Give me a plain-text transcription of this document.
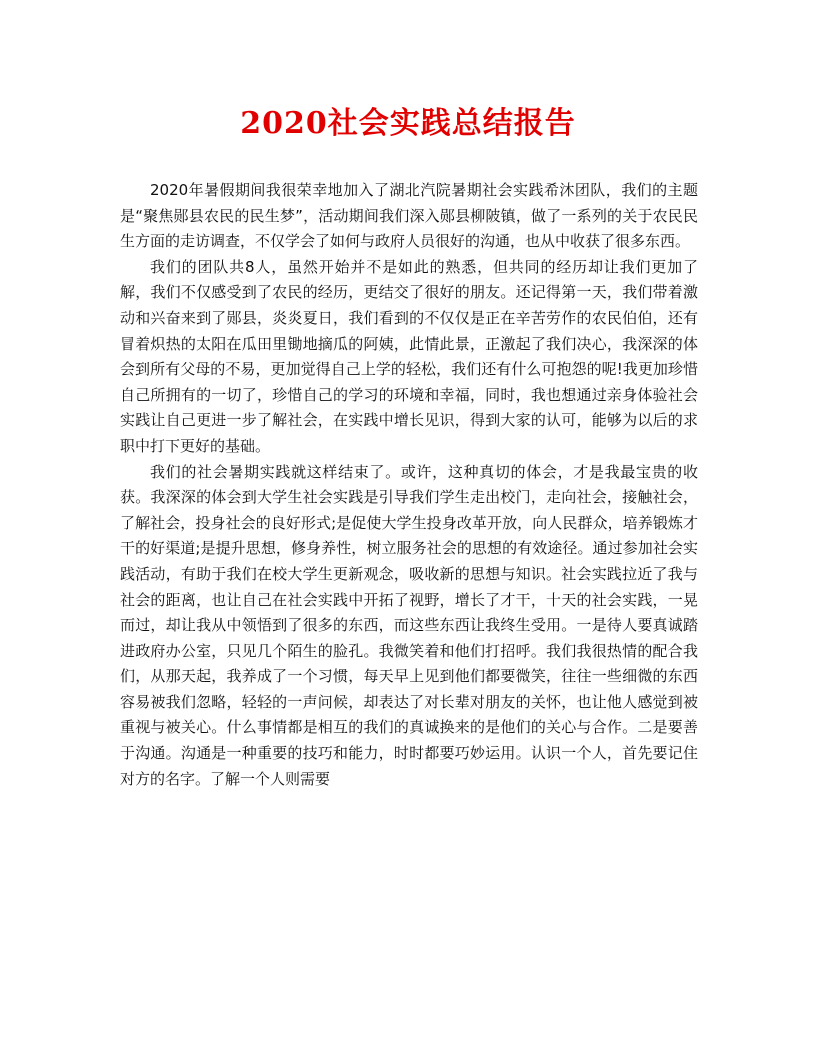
2020社会实践总结报告

2020年暑假期间我很荣幸地加入了湖北汽院暑期社会实践希沐团队，我们的主题是“聚焦郧县农民的民生梦”，活动期间我们深入郧县柳陂镇，做了一系列的关于农民民生方面的走访调查，不仅学会了如何与政府人员很好的沟通，也从中收获了很多东西。

我们的团队共8人，虽然开始并不是如此的熟悉，但共同的经历却让我们更加了解，我们不仅感受到了农民的经历，更结交了很好的朋友。还记得第一天，我们带着激动和兴奋来到了郧县，炎炎夏日，我们看到的不仅仅是正在辛苦劳作的农民伯伯，还有冒着炽热的太阳在瓜田里锄地摘瓜的阿姨，此情此景，正激起了我们决心，我深深的体会到所有父母的不易，更加觉得自己上学的轻松，我们还有什么可抱怨的呢!我更加珍惜自己所拥有的一切了，珍惜自己的学习的环境和幸福，同时，我也想通过亲身体验社会实践让自己更进一步了解社会，在实践中增长见识，得到大家的认可，能够为以后的求职中打下更好的基础。

我们的社会暑期实践就这样结束了。或许，这种真切的体会，才是我最宝贵的收获。我深深的体会到大学生社会实践是引导我们学生走出校门，走向社会，接触社会，了解社会，投身社会的良好形式;是促使大学生投身改革开放，向人民群众，培养锻炼才干的好渠道;是提升思想，修身养性，树立服务社会的思想的有效途径。通过参加社会实践活动，有助于我们在校大学生更新观念，吸收新的思想与知识。社会实践拉近了我与社会的距离，也让自己在社会实践中开拓了视野，增长了才干，十天的社会实践，一晃而过，却让我从中领悟到了很多的东西，而这些东西让我终生受用。一是待人要真诚踏进政府办公室，只见几个陌生的脸孔。我微笑着和他们打招呼。我们我很热情的配合我们，从那天起，我养成了一个习惯，每天早上见到他们都要微笑，往往一些细微的东西容易被我们忽略，轻轻的一声问候，却表达了对长辈对朋友的关怀，也让他人感觉到被重视与被关心。什么事情都是相互的我们的真诚换来的是他们的关心与合作。二是要善于沟通。沟通是一种重要的技巧和能力，时时都要巧妙运用。认识一个人，首先要记住对方的名字。了解一个人则需要
